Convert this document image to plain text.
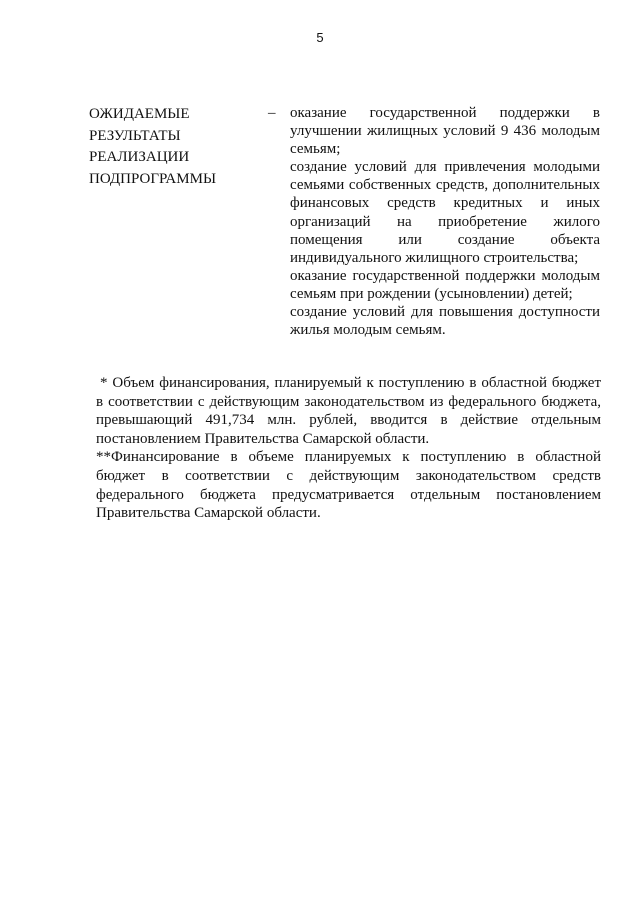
5
ОЖИДАЕМЫЕ
РЕЗУЛЬТАТЫ
РЕАЛИЗАЦИИ
ПОДПРОГРАММЫ
– оказание государственной поддержки в улучшении жилищных условий 9 436 молодым семьям;

создание условий для привлечения молодыми семьями собственных средств, дополнительных финансовых средств кредитных и иных организаций на приобретение жилого помещения или создание объекта индивидуального жилищного строительства;

оказание государственной поддержки молодым семьям при рождении (усыновлении) детей;

создание условий для повышения доступности жилья молодым семьям.

* Объем финансирования, планируемый к поступлению в областной бюджет в соответствии с действующим законодательством из федерального бюджета, превышающий 491,734 млн. рублей, вводится в действие отдельным постановлением Правительства Самарской области.

**Финансирование в объеме планируемых к поступлению в областной бюджет в соответствии с действующим законодательством средств федерального бюджета предусматривается отдельным постановлением Правительства Самарской области.
